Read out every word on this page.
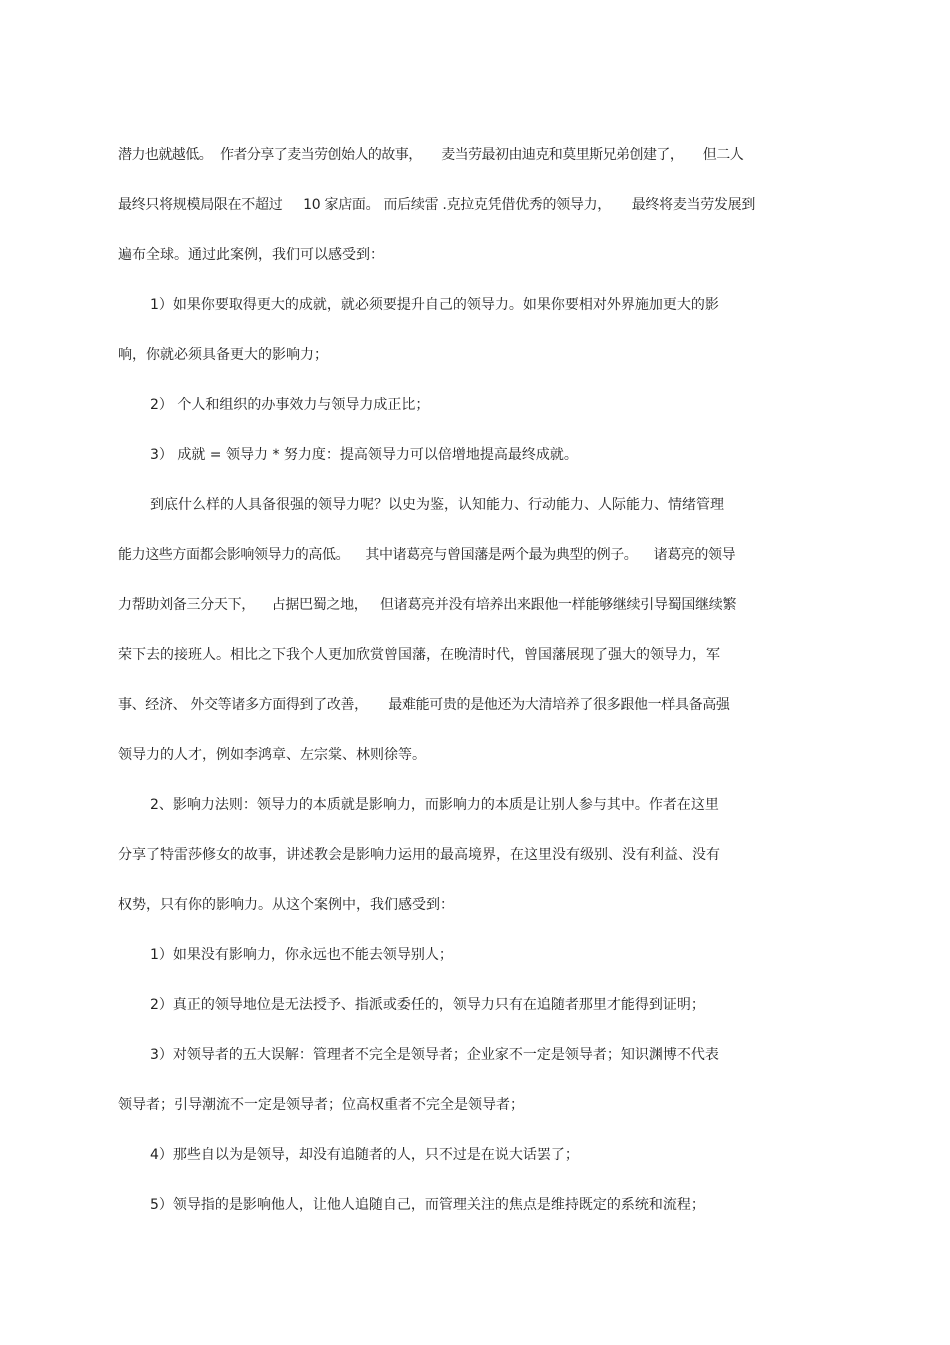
潜力也就越低。  作者分享了麦当劳创始人的故事，     麦当劳最初由迪克和莫里斯兄弟创建了，     但二人
最终只将规模局限在不超过     10 家店面。 而后续雷 .克拉克凭借优秀的领导力，     最终将麦当劳发展到
遍布全球。通过此案例，我们可以感受到：
1）如果你要取得更大的成就，就必须要提升自己的领导力。如果你要相对外界施加更大的影
响，你就必须具备更大的影响力；
2） 个人和组织的办事效力与领导力成正比；
3） 成就 = 领导力 * 努力度：提高领导力可以倍增地提高最终成就。
到底什么样的人具备很强的领导力呢？以史为鉴，认知能力、行动能力、人际能力、情绪管理
能力这些方面都会影响领导力的高低。    其中诸葛亮与曾国藩是两个最为典型的例子。    诸葛亮的领导
力帮助刘备三分天下，    占据巴蜀之地，   但诸葛亮并没有培养出来跟他一样能够继续引导蜀国继续繁
荣下去的接班人。相比之下我个人更加欣赏曾国藩，在晚清时代，曾国藩展现了强大的领导力，军
事、经济、 外交等诸多方面得到了改善，     最难能可贵的是他还为大清培养了很多跟他一样具备高强
领导力的人才，例如李鸿章、左宗棠、林则徐等。
2、影响力法则：领导力的本质就是影响力，而影响力的本质是让别人参与其中。作者在这里
分享了特雷莎修女的故事，讲述教会是影响力运用的最高境界，在这里没有级别、没有利益、没有
权势，只有你的影响力。从这个案例中，我们感受到：
1）如果没有影响力，你永远也不能去领导别人；
2）真正的领导地位是无法授予、指派或委任的，领导力只有在追随者那里才能得到证明；
3）对领导者的五大误解：管理者不完全是领导者；企业家不一定是领导者；知识渊博不代表
领导者；引导潮流不一定是领导者；位高权重者不完全是领导者；
4）那些自以为是领导，却没有追随者的人，只不过是在说大话罢了；
5）领导指的是影响他人，让他人追随自己，而管理关注的焦点是维持既定的系统和流程；
